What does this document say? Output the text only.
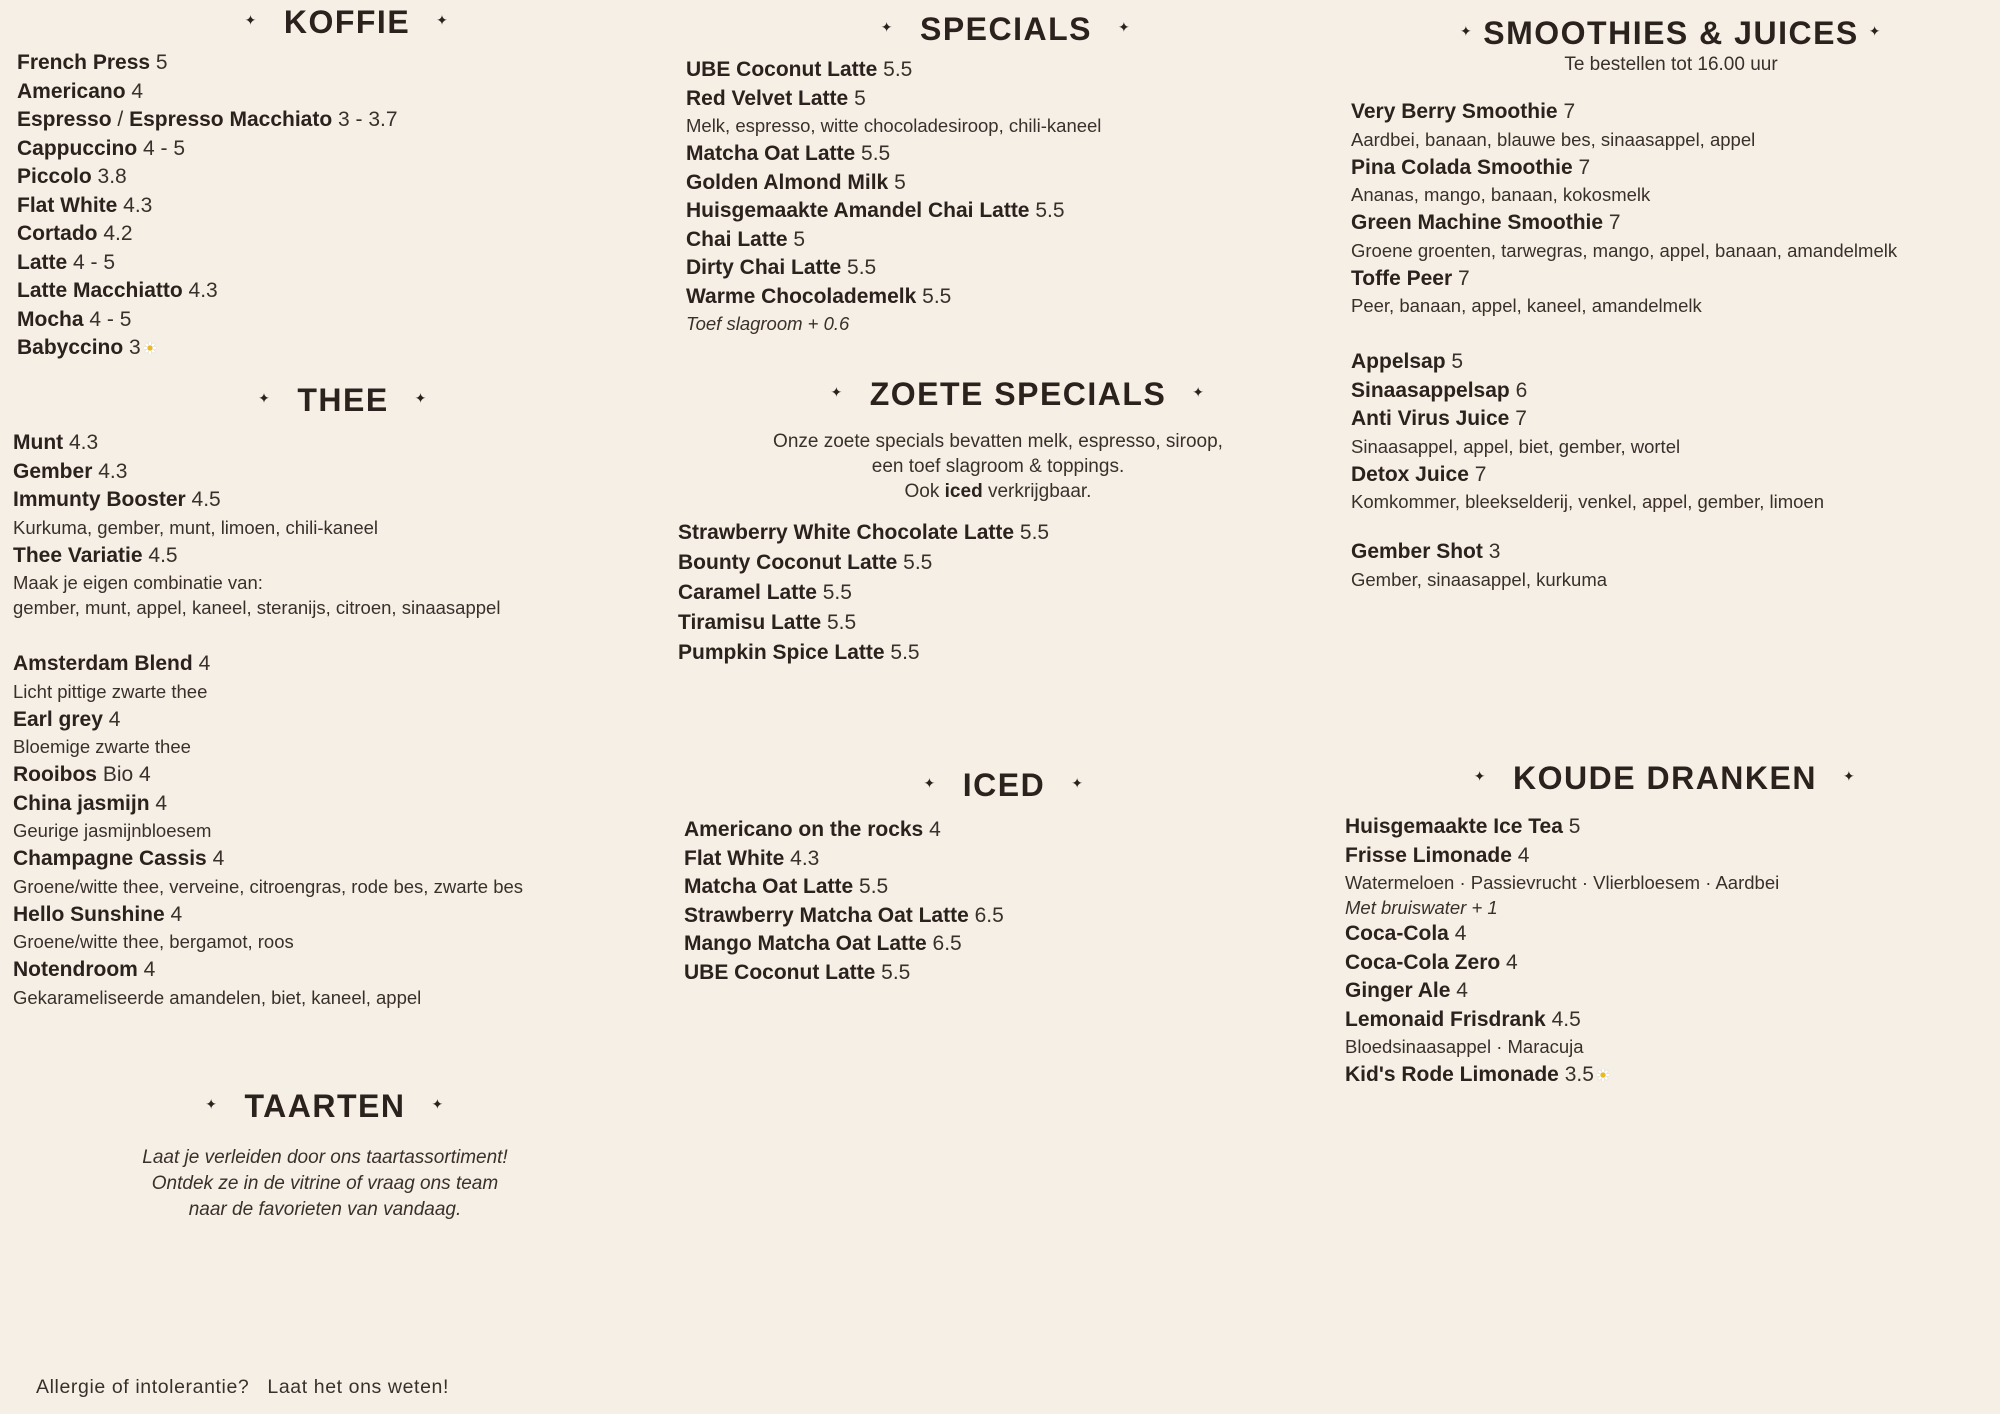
✦ KOFFIE ✦
French Press 5
Americano 4
Espresso / Espresso Macchiato 3 - 3.7
Cappuccino 4 - 5
Piccolo 3.8
Flat White 4.3
Cortado 4.2
Latte 4 - 5
Latte Macchiatto 4.3
Mocha 4 - 5
Babyccino 3
✦ THEE ✦
Munt 4.3
Gember 4.3
Immunty Booster 4.5
Kurkuma, gember, munt, limoen, chili-kaneel
Thee Variatie 4.5
Maak je eigen combinatie van:
gember, munt, appel, kaneel, steranijs, citroen, sinaasappel
Amsterdam Blend 4
Licht pittige zwarte thee
Earl grey 4
Bloemige zwarte thee
Rooibos Bio 4
China jasmijn 4
Geurige jasmijnbloesem
Champagne Cassis 4
Groene/witte thee, verveine, citroengras, rode bes, zwarte bes
Hello Sunshine 4
Groene/witte thee, bergamot, roos
Notendroom 4
Gekarameliseerde amandelen, biet, kaneel, appel
✦ TAARTEN ✦
Laat je verleiden door ons taartassortiment!
Ontdek ze in de vitrine of vraag ons team
naar de favorieten van vandaag.
✦ SPECIALS ✦
UBE Coconut Latte 5.5
Red Velvet Latte 5
Melk, espresso, witte chocoladesiroop, chili-kaneel
Matcha Oat Latte 5.5
Golden Almond Milk 5
Huisgemaakte Amandel Chai Latte 5.5
Chai Latte 5
Dirty Chai Latte 5.5
Warme Chocolademelk 5.5
Toef slagroom + 0.6
✦ ZOETE SPECIALS ✦
Onze zoete specials bevatten melk, espresso, siroop,
een toef slagroom & toppings.
Ook iced verkrijgbaar.
Strawberry White Chocolate Latte 5.5
Bounty Coconut Latte 5.5
Caramel Latte 5.5
Tiramisu Latte 5.5
Pumpkin Spice Latte 5.5
✦ ICED ✦
Americano on the rocks 4
Flat White 4.3
Matcha Oat Latte 5.5
Strawberry Matcha Oat Latte 6.5
Mango Matcha Oat Latte 6.5
UBE Coconut Latte 5.5
✦ SMOOTHIES & JUICES ✦
Te bestellen tot 16.00 uur
Very Berry Smoothie 7
Aardbei, banaan, blauwe bes, sinaasappel, appel
Pina Colada Smoothie 7
Ananas, mango, banaan, kokosmelk
Green Machine Smoothie 7
Groene groenten, tarwegras, mango, appel, banaan, amandelmelk
Toffe Peer 7
Peer, banaan, appel, kaneel, amandelmelk
Appelsap 5
Sinaasappelsap 6
Anti Virus Juice 7
Sinaasappel, appel, biet, gember, wortel
Detox Juice 7
Komkommer, bleekselderij, venkel, appel, gember, limoen
Gember Shot 3
Gember, sinaasappel, kurkuma
✦ KOUDE DRANKEN ✦
Huisgemaakte Ice Tea 5
Frisse Limonade 4
Watermeloen · Passievrucht · Vlierbloesem · Aardbei
Met bruiswater + 1
Coca-Cola 4
Coca-Cola Zero 4
Ginger Ale 4
Lemonaid Frisdrank 4.5
Bloedsinaasappel · Maracuja
Kid's Rode Limonade 3.5
Allergie of intolerantie? Laat het ons weten!
